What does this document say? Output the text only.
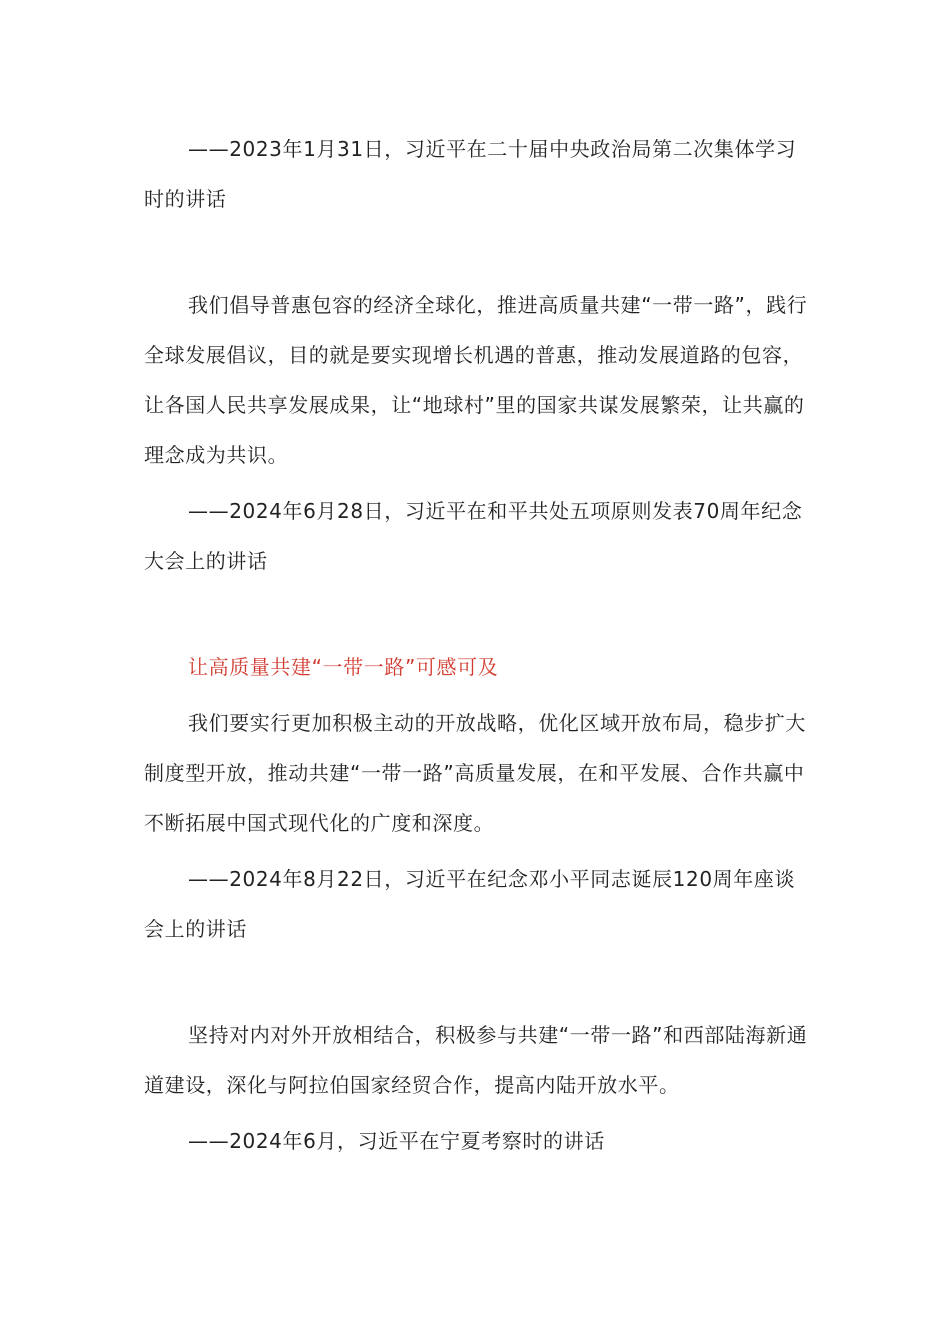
——2023年1月31日，习近平在二十届中央政治局第二次集体学习时的讲话

我们倡导普惠包容的经济全球化，推进高质量共建“一带一路”，践行全球发展倡议，目的就是要实现增长机遇的普惠，推动发展道路的包容，让各国人民共享发展成果，让“地球村”里的国家共谋发展繁荣，让共赢的理念成为共识。

——2024年6月28日，习近平在和平共处五项原则发表70周年纪念大会上的讲话

让高质量共建“一带一路”可感可及

我们要实行更加积极主动的开放战略，优化区域开放布局，稳步扩大制度型开放，推动共建“一带一路”高质量发展，在和平发展、合作共赢中不断拓展中国式现代化的广度和深度。

——2024年8月22日，习近平在纪念邓小平同志诞辰120周年座谈会上的讲话

坚持对内对外开放相结合，积极参与共建“一带一路”和西部陆海新通道建设，深化与阿拉伯国家经贸合作，提高内陆开放水平。

——2024年6月，习近平在宁夏考察时的讲话
